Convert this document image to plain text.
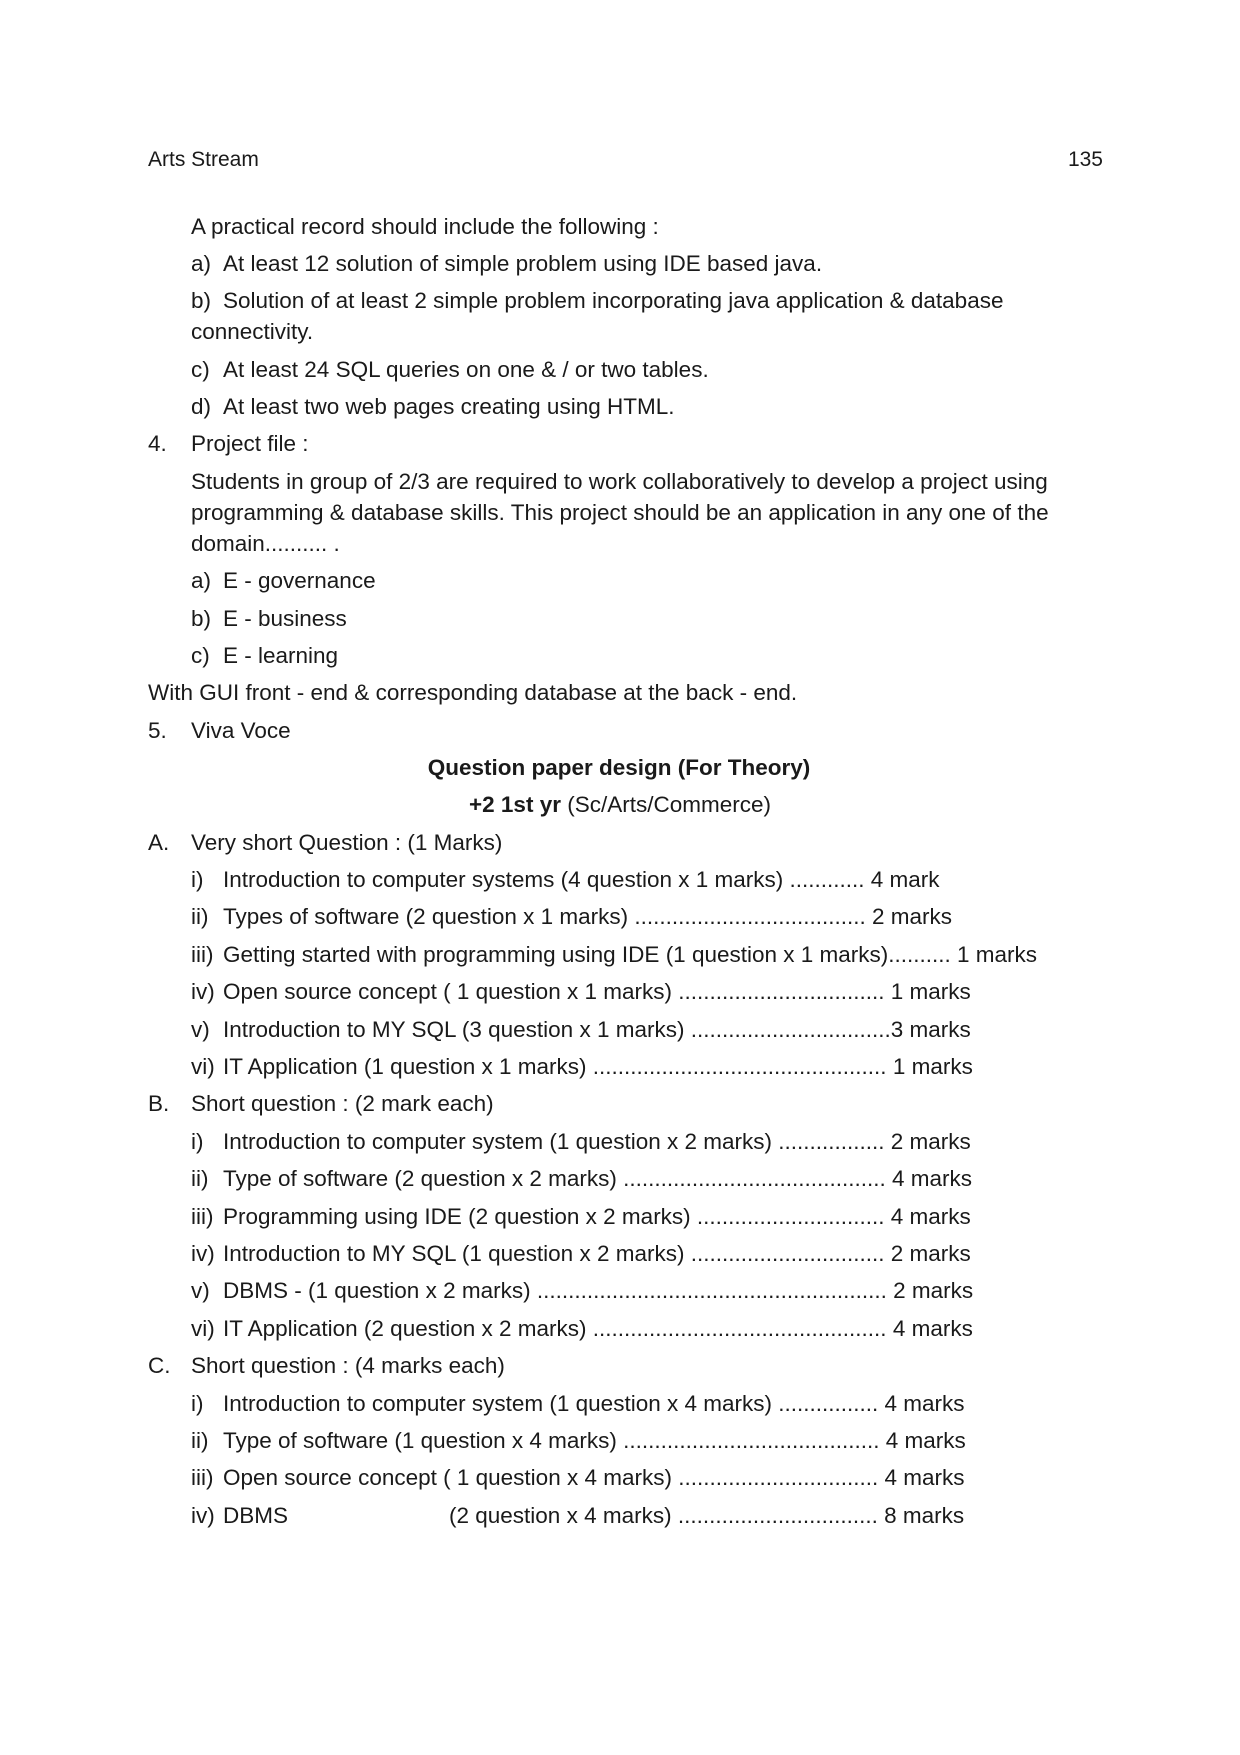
Arts Stream	135
A practical record should include the following :
a) At least 12 solution of simple problem using IDE based java.
b) Solution of at least 2 simple problem incorporating java application & database
connectivity.
c) At least 24 SQL queries on one & / or two tables.
d) At least two web pages creating using HTML.
4. Project file :
Students in group of 2/3 are required to work collaboratively to develop a project using
programming & database skills. This project should be an application in any one of the
domain.......... .
a) E - governance
b) E - business
c) E - learning
With GUI front - end & corresponding database at the back - end.
5. Viva Voce
Question paper design (For Theory)
+2 1st yr (Sc/Arts/Commerce)
A. Very short Question : (1 Marks)
i) Introduction to computer systems (4 question x 1 marks) ............ 4 mark
ii) Types of software (2 question x 1 marks) ..................................... 2 marks
iii) Getting started with programming using IDE (1 question x 1 marks).......... 1 marks
iv) Open source concept ( 1 question x 1 marks) ................................. 1 marks
v) Introduction to MY SQL (3 question x 1 marks) ................................3 marks
vi) IT Application (1 question x 1 marks) ............................................... 1 marks
B. Short question : (2 mark each)
i) Introduction to computer system (1 question x 2 marks) ................. 2 marks
ii) Type of software (2 question x 2 marks) .......................................... 4 marks
iii) Programming using IDE (2 question x 2 marks) .............................. 4 marks
iv) Introduction to MY SQL (1 question x 2 marks) ............................... 2 marks
v) DBMS - (1 question x 2 marks) ........................................................ 2 marks
vi) IT Application (2 question x 2 marks) ............................................... 4 marks
C. Short question : (4 marks each)
i) Introduction to computer system (1 question x 4 marks) ................ 4 marks
ii) Type of software (1 question x 4 marks) ......................................... 4 marks
iii) Open source concept ( 1 question x 4 marks) ................................ 4 marks
iv) DBMS	(2 question x 4 marks) ................................ 8 marks
